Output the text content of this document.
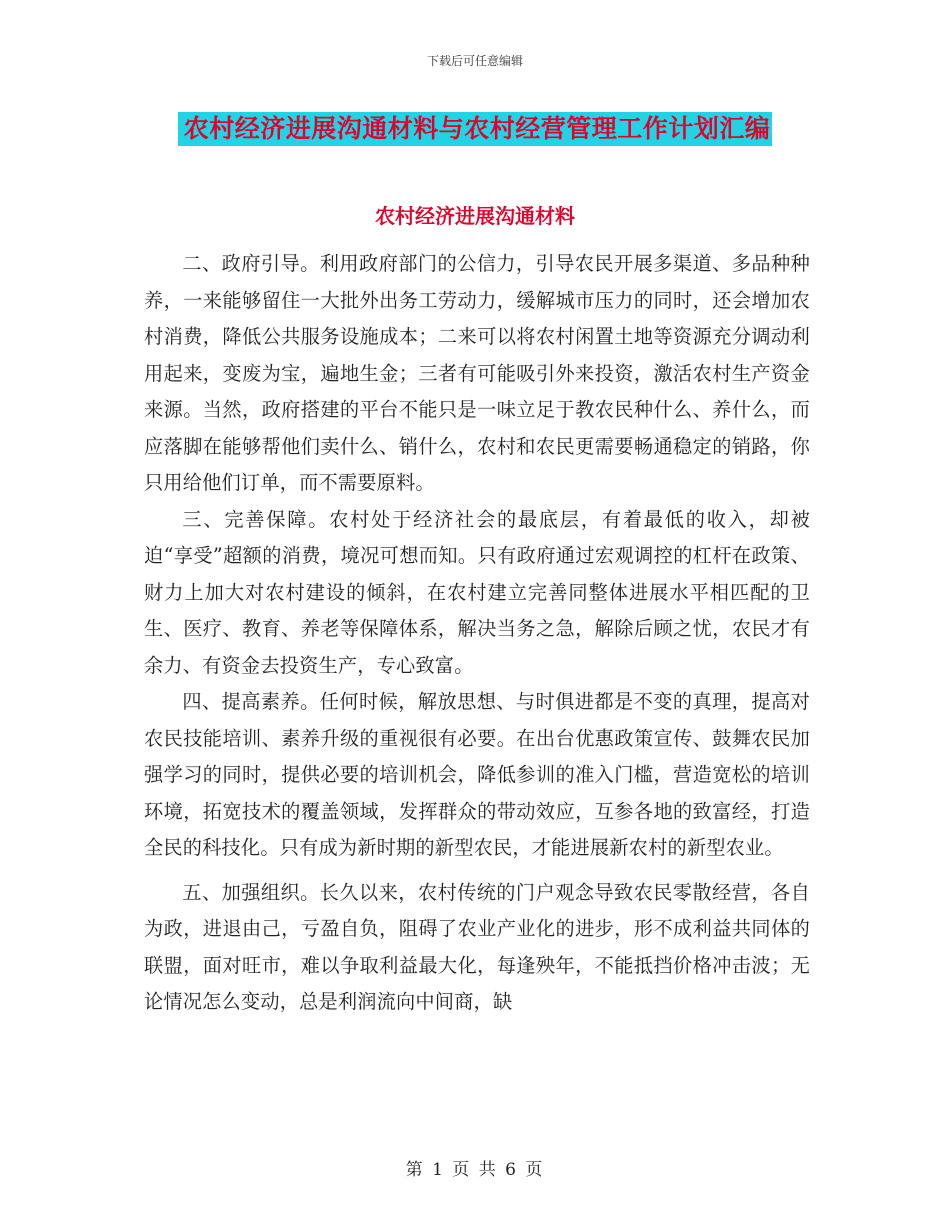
下载后可任意编辑
农村经济进展沟通材料与农村经营管理工作计划汇编
农村经济进展沟通材料

二、政府引导。利用政府部门的公信力，引导农民开展多渠道、多品种种养，一来能够留住一大批外出务工劳动力，缓解城市压力的同时，还会增加农村消费，降低公共服务设施成本；二来可以将农村闲置土地等资源充分调动利用起来，变废为宝，遍地生金；三者有可能吸引外来投资，激活农村生产资金来源。当然，政府搭建的平台不能只是一味立足于教农民种什么、养什么，而应落脚在能够帮他们卖什么、销什么，农村和农民更需要畅通稳定的销路，你只用给他们订单，而不需要原料。

三、完善保障。农村处于经济社会的最底层，有着最低的收入，却被迫“享受”超额的消费，境况可想而知。只有政府通过宏观调控的杠杆在政策、财力上加大对农村建设的倾斜，在农村建立完善同整体进展水平相匹配的卫生、医疗、教育、养老等保障体系，解决当务之急，解除后顾之忧，农民才有余力、有资金去投资生产，专心致富。

四、提高素养。任何时候，解放思想、与时俱进都是不变的真理，提高对农民技能培训、素养升级的重视很有必要。在出台优惠政策宣传、鼓舞农民加强学习的同时，提供必要的培训机会，降低参训的准入门槛，营造宽松的培训环境，拓宽技术的覆盖领域，发挥群众的带动效应，互参各地的致富经，打造全民的科技化。只有成为新时期的新型农民，才能进展新农村的新型农业。

五、加强组织。长久以来，农村传统的门户观念导致农民零散经营，各自为政，进退由己，亏盈自负，阻碍了农业产业化的进步，形不成利益共同体的联盟，面对旺市，难以争取利益最大化，每逢殃年，不能抵挡价格冲击波；无论情况怎么变动，总是利润流向中间商，缺

第 1 页 共 6 页
